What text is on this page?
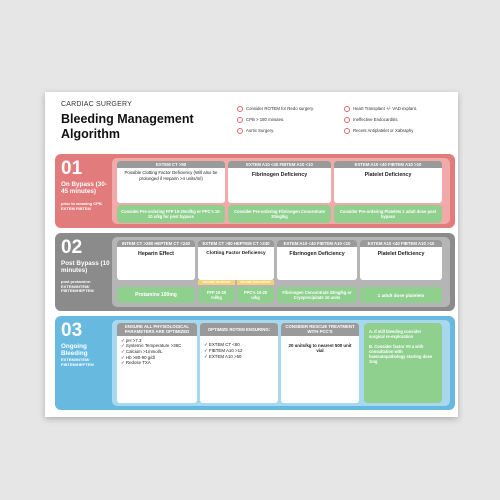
CARDIAC SURGERY
Bleeding Management Algorithm
Consider ROTEM for Redo surgery.
CPB > 180 minutes.
Aortic Surgery.
Heart Transplant +/- VAD explant.
Ineffective Endocarditis.
Recent Antiplatelet or Xabraphy
01
On Bypass (30-45 minutes)
prior to weaning CPB. EXTEM FIBTEM
EXTEM CT >90
Possible Clotting Factor Deficiency (Will also be prolonged if Heparin >4 units/ml)
Consider Pre-ordering FFP 10-20ml/kg or PPC's 10-20 u/kg for post bypass
EXTEM A10 <40 FIBTEM A10 <10
Fibrinogen Deficiency
Consider Pre-ordering Fibrinogen Concentrate 20mg/kg
EXTEM A10 <40 FIBTEM A10 >10
Platelet Deficiency
Consider Pre-ordering Platelets 1 adult dose post bypass
02
Post Bypass (10 minutes)
post protamine: EXTEM/INTEM/ FIBTEM/HEPTEM
INTEM CT >280 HEPTEM CT <240
Heparin Effect
Protamine 100mg
EXTEM CT >80 HEPTEM CT >240
Clotting Factor Deficiency
VOLUME TOLERANT	VOLUME INTOLERANT
FFP 10-20 ml/kg
PPC's 10-20 u/kg
EXTEM A10 <40 FIBTEM A10 <10
Fibrinogen Deficiency
Fibrinogen Concentrate 20mg/kg or Cryoprecipitate 10 units
EXTEM A10 <40 FIBTEM A10 >10
Platelet Deficiency
1 adult dose platelets
03
Ongoing Bleeding
EXTEM/INTEM/ FIBTEM/HEPTEM
ENSURE ALL PHYSIOLOGICAL PARAMETERS ARE OPTIMIZED
✓ pH >7.3
✓ Systemic Temperature >36C
✓ Calcium >1mmol/L
✓ Hb >80-90 g/dl
✓ Redose TXA
OPTIMIZE ROTEM ENSURING:
✓ EXTEM CT <80
✓ FIBTEM A10 >12
✓ EXTEM A10 >50
CONSIDER RESCUE TREATMENT WITH PCC'S
20 units/kg to nearest 500 unit vial
A. If still bleeding consider surgical re-exploration
B. Consider factor VII a with consultation with haematopathology starting dose 1mg
